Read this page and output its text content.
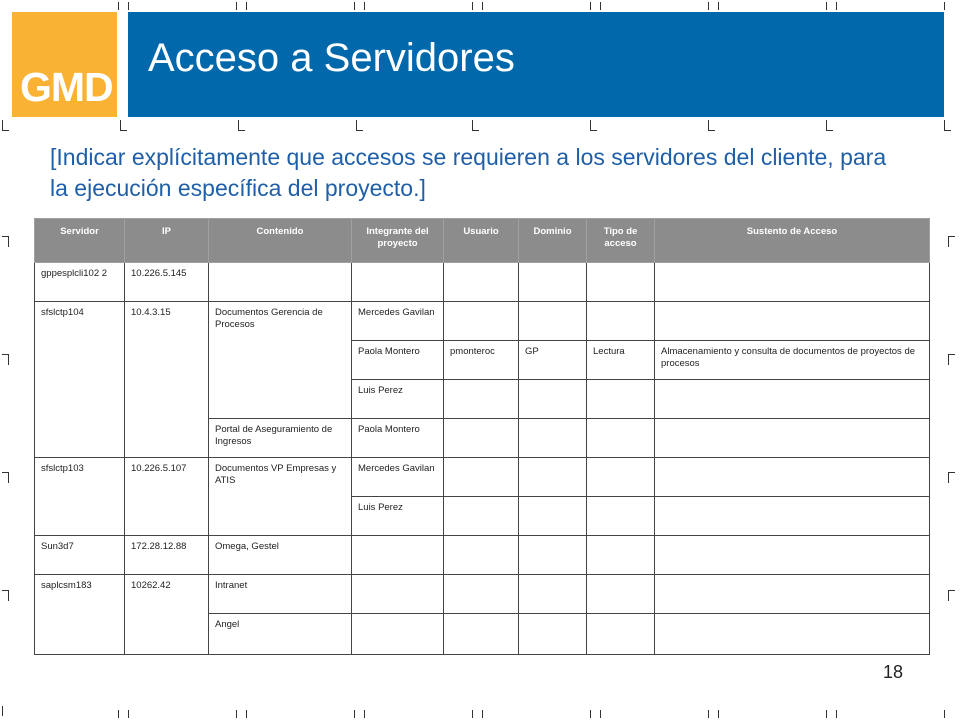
GMD
Acceso a Servidores
[Indicar explícitamente que accesos se requieren a los servidores del cliente, para la ejecución específica del proyecto.]
Servidor	IP	Contenido	Integrante del proyecto	Usuario	Dominio	Tipo de acceso	Sustento de Acceso
gppesplcli102 2	10.226.5.145						
sfslctp104	10.4.3.15	Documentos Gerencia de Procesos	Mercedes Gavilan				
			Paola Montero	pmonteroc	GP	Lectura	Almacenamiento y consulta de documentos de proyectos de procesos
			Luis Perez				
		Portal de Aseguramiento de Ingresos	Paola Montero				
sfslctp103	10.226.5.107	Documentos VP Empresas y ATIS	Mercedes Gavilan				
			Luis Perez				
Sun3d7	172.28.12.88	Omega, Gestel					
saplcsm183	10262.42	Intranet					
		Angel					
18
